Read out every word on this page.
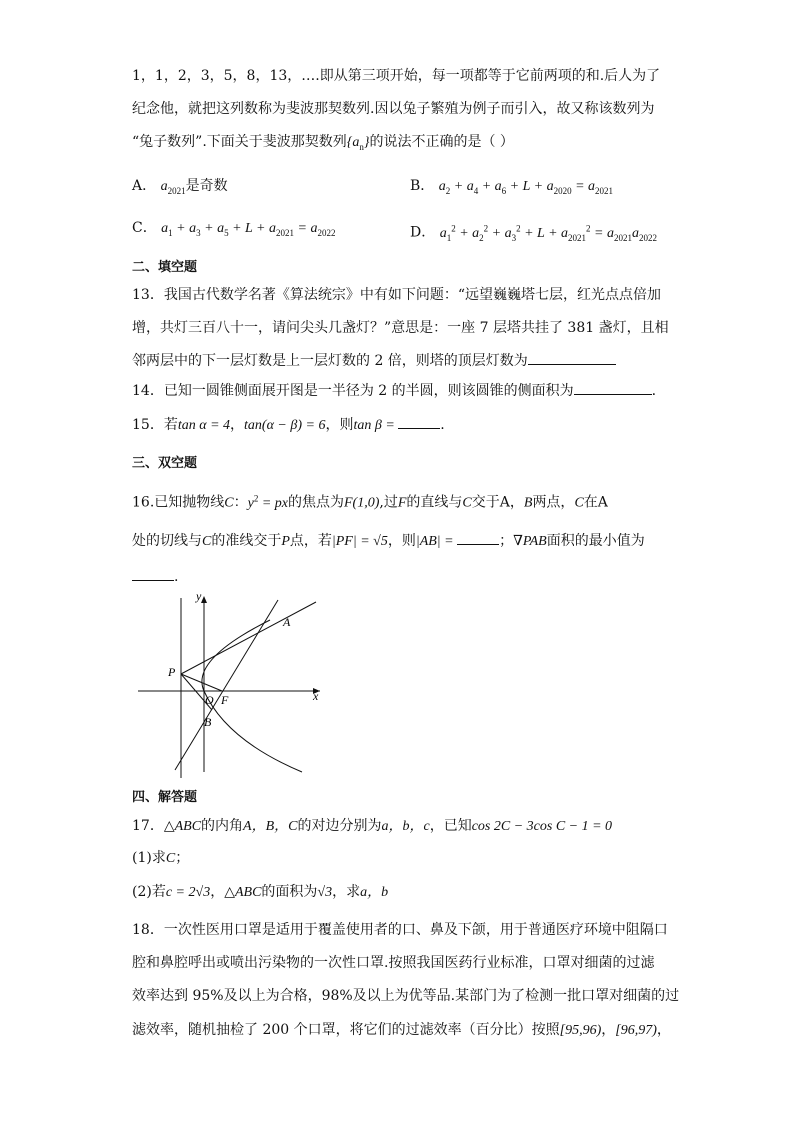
1，1，2，3，5，8，13，….即从第三项开始，每一项都等于它前两项的和.后人为了
纪念他，就把这列数称为斐波那契数列.因以兔子繁殖为例子而引入，故又称该数列为
“兔子数列”.下面关于斐波那契数列$\{a_n\}$的说法不正确的是（ ）
A． $a_{2021}$是奇数	B． $a_2 + a_4 + a_6 + L + a_{2020} = a_{2021}$
C． $a_1 + a_3 + a_5 + L + a_{2021} = a_{2022}$	D． $a_1^2 + a_2^2 + a_3^2 + L + a_{2021}^2 = a_{2021}a_{2022}$
二、填空题
13．我国古代数学名著《算法统宗》中有如下问题：“远望巍巍塔七层，红光点点倍加
增，共灯三百八十一，请问尖头几盏灯？”意思是：一座 7 层塔共挂了 381 盏灯，且相
邻两层中的下一层灯数是上一层灯数的 2 倍，则塔的顶层灯数为
14．已知一圆锥侧面展开图是一半径为 2 的半圆，则该圆锥的侧面积为	.
15．若tan α = 4，tan(α − β) = 6，则tan β =	.
三、双空题
16.已知抛物线C：$y^2$ = px的焦点为F(1,0),过F的直线与C交于A，B两点，C在A
处的切线与C的准线交于P点，若|PF| = √5，则|AB| =	；∇PAB面积的最小值为
.
y
x
P
O F
A
B
四、解答题
17．△ABC的内角A，B，C的对边分别为a，b，c，已知cos 2C − 3cos C − 1 = 0
(1)求C；
(2)若c = 2√3，△ABC的面积为√3，求a，b
18．一次性医用口罩是适用于覆盖使用者的口、鼻及下颌，用于普通医疗环境中阻隔口
腔和鼻腔呼出或喷出污染物的一次性口罩.按照我国医药行业标准，口罩对细菌的过滤
效率达到 95%及以上为合格，98%及以上为优等品.某部门为了检测一批口罩对细菌的过
滤效率，随机抽检了 200 个口罩，将它们的过滤效率（百分比）按照[95,96)，[96,97)，
